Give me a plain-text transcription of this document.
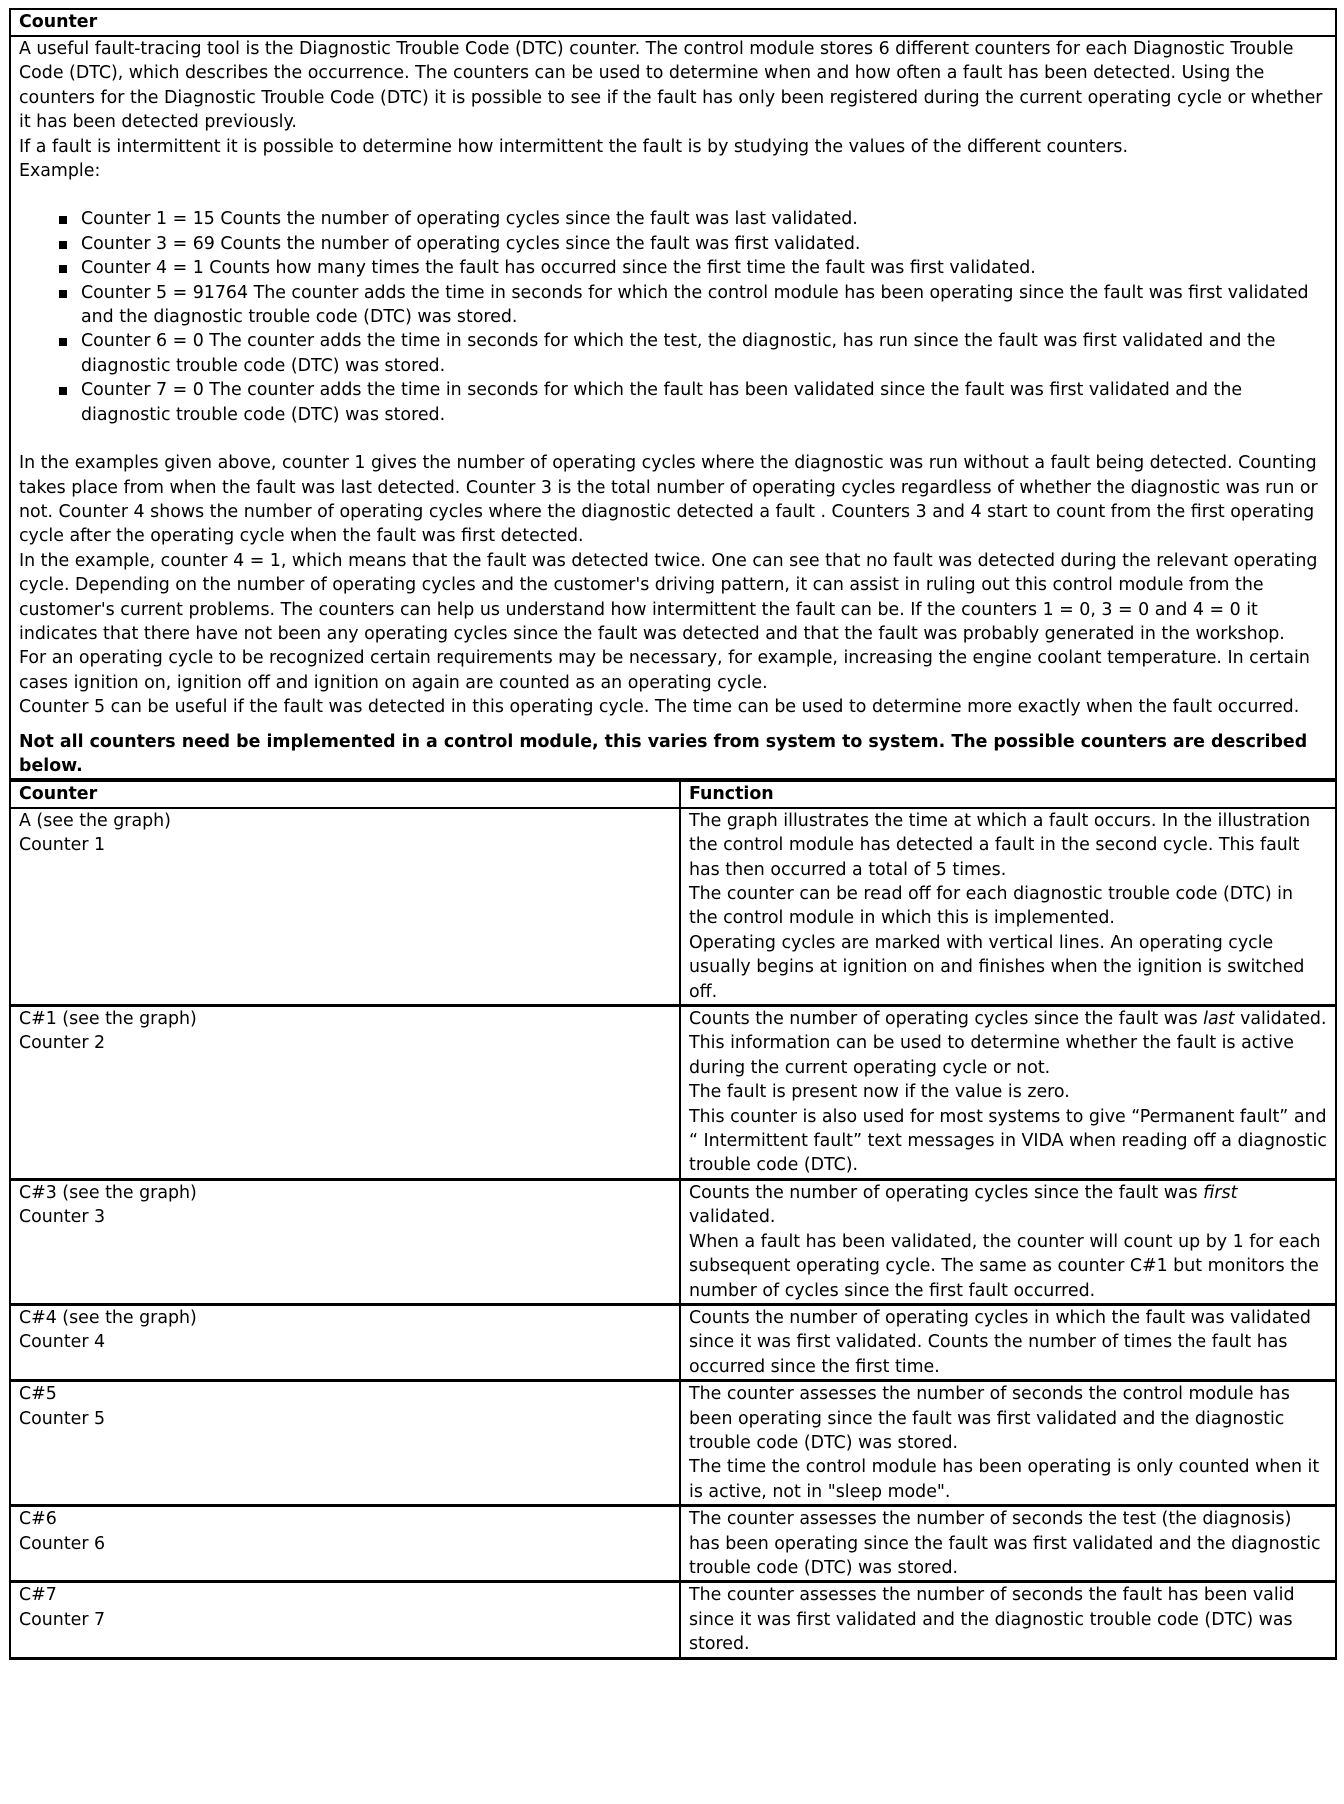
Counter

A useful fault-tracing tool is the Diagnostic Trouble Code (DTC) counter. The control module stores 6 different counters for each Diagnostic Trouble Code (DTC), which describes the occurrence. The counters can be used to determine when and how often a fault has been detected. Using the counters for the Diagnostic Trouble Code (DTC) it is possible to see if the fault has only been registered during the current operating cycle or whether it has been detected previously.

If a fault is intermittent it is possible to determine how intermittent the fault is by studying the values of the different counters.

Example:

Counter 1 = 15 Counts the number of operating cycles since the fault was last validated.
Counter 3 = 69 Counts the number of operating cycles since the fault was first validated.
Counter 4 = 1 Counts how many times the fault has occurred since the first time the fault was first validated.
Counter 5 = 91764 The counter adds the time in seconds for which the control module has been operating since the fault was first validated and the diagnostic trouble code (DTC) was stored.
Counter 6 = 0 The counter adds the time in seconds for which the test, the diagnostic, has run since the fault was first validated and the diagnostic trouble code (DTC) was stored.
Counter 7 = 0 The counter adds the time in seconds for which the fault has been validated since the fault was first validated and the diagnostic trouble code (DTC) was stored.

In the examples given above, counter 1 gives the number of operating cycles where the diagnostic was run without a fault being detected. Counting takes place from when the fault was last detected. Counter 3 is the total number of operating cycles regardless of whether the diagnostic was run or not. Counter 4 shows the number of operating cycles where the diagnostic detected a fault . Counters 3 and 4 start to count from the first operating cycle after the operating cycle when the fault was first detected.

In the example, counter 4 = 1, which means that the fault was detected twice. One can see that no fault was detected during the relevant operating cycle. Depending on the number of operating cycles and the customer's driving pattern, it can assist in ruling out this control module from the customer's current problems. The counters can help us understand how intermittent the fault can be. If the counters 1 = 0, 3 = 0 and 4 = 0 it indicates that there have not been any operating cycles since the fault was detected and that the fault was probably generated in the workshop.

For an operating cycle to be recognized certain requirements may be necessary, for example, increasing the engine coolant temperature. In certain cases ignition on, ignition off and ignition on again are counted as an operating cycle.

Counter 5 can be useful if the fault was detected in this operating cycle. The time can be used to determine more exactly when the fault occurred.

Not all counters need be implemented in a control module, this varies from system to system. The possible counters are described below.

Counter	Function

A (see the graph)
Counter 1	The graph illustrates the time at which a fault occurs. In the illustration the control module has detected a fault in the second cycle. This fault has then occurred a total of 5 times.
The counter can be read off for each diagnostic trouble code (DTC) in the control module in which this is implemented.
Operating cycles are marked with vertical lines. An operating cycle usually begins at ignition on and finishes when the ignition is switched off.

C#1 (see the graph)
Counter 2	Counts the number of operating cycles since the fault was last validated.
This information can be used to determine whether the fault is active during the current operating cycle or not.
The fault is present now if the value is zero.
This counter is also used for most systems to give “Permanent fault” and “ Intermittent fault” text messages in VIDA when reading off a diagnostic trouble code (DTC).

C#3 (see the graph)
Counter 3	Counts the number of operating cycles since the fault was first validated.
When a fault has been validated, the counter will count up by 1 for each subsequent operating cycle. The same as counter C#1 but monitors the number of cycles since the first fault occurred.

C#4 (see the graph)
Counter 4	Counts the number of operating cycles in which the fault was validated since it was first validated. Counts the number of times the fault has occurred since the first time.

C#5
Counter 5	The counter assesses the number of seconds the control module has been operating since the fault was first validated and the diagnostic trouble code (DTC) was stored.
The time the control module has been operating is only counted when it is active, not in "sleep mode".

C#6
Counter 6	The counter assesses the number of seconds the test (the diagnosis) has been operating since the fault was first validated and the diagnostic trouble code (DTC) was stored.

C#7
Counter 7	The counter assesses the number of seconds the fault has been valid since it was first validated and the diagnostic trouble code (DTC) was stored.
